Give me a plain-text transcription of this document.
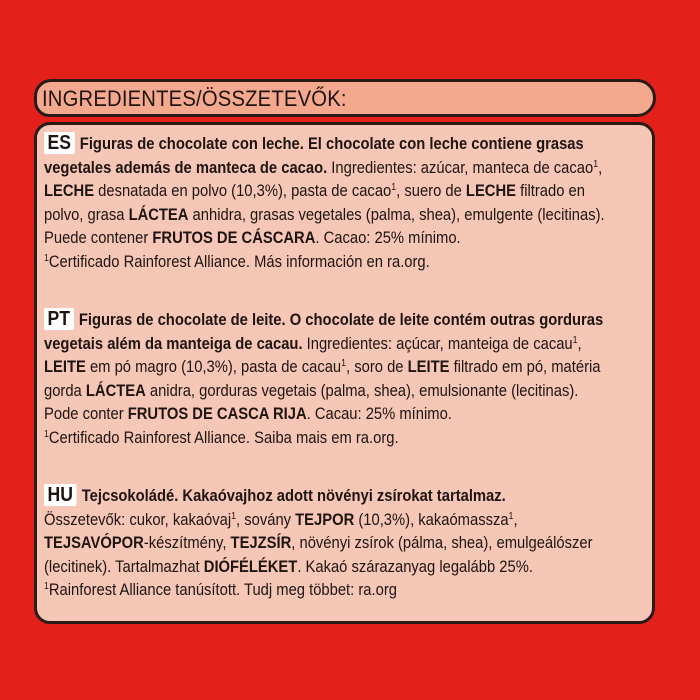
INGREDIENTES/ÖSSZETEVŐK:
ES Figuras de chocolate con leche. El chocolate con leche contiene grasas
vegetales además de manteca de cacao. Ingredientes: azúcar, manteca de cacao$^1$,
LECHE desnatada en polvo (10,3%), pasta de cacao$^1$, suero de LECHE filtrado en
polvo, grasa LÁCTEA anhidra, grasas vegetales (palma, shea), emulgente (lecitinas).
Puede contener FRUTOS DE CÁSCARA. Cacao: 25% mínimo.
$^1$Certificado Rainforest Alliance. Más información en ra.org.
PT Figuras de chocolate de leite. O chocolate de leite contém outras gorduras
vegetais além da manteiga de cacau. Ingredientes: açúcar, manteiga de cacau$^1$,
LEITE em pó magro (10,3%), pasta de cacau$^1$, soro de LEITE filtrado em pó, matéria
gorda LÁCTEA anidra, gorduras vegetais (palma, shea), emulsionante (lecitinas).
Pode conter FRUTOS DE CASCA RIJA. Cacau: 25% mínimo.
$^1$Certificado Rainforest Alliance. Saiba mais em ra.org.
HU Tejcsokoládé. Kakaóvajhoz adott növényi zsírokat tartalmaz.
Összetevők: cukor, kakaóvaj$^1$, sovány TEJPOR (10,3%), kakaómassza$^1$,
TEJSAVÓPOR-készítmény, TEJZSÍR, növényi zsírok (pálma, shea), emulgeálószer
(lecitinek). Tartalmazhat DIÓFÉLÉKET. Kakaó szárazanyag legalább 25%.
$^1$Rainforest Alliance tanúsított. Tudj meg többet: ra.org
